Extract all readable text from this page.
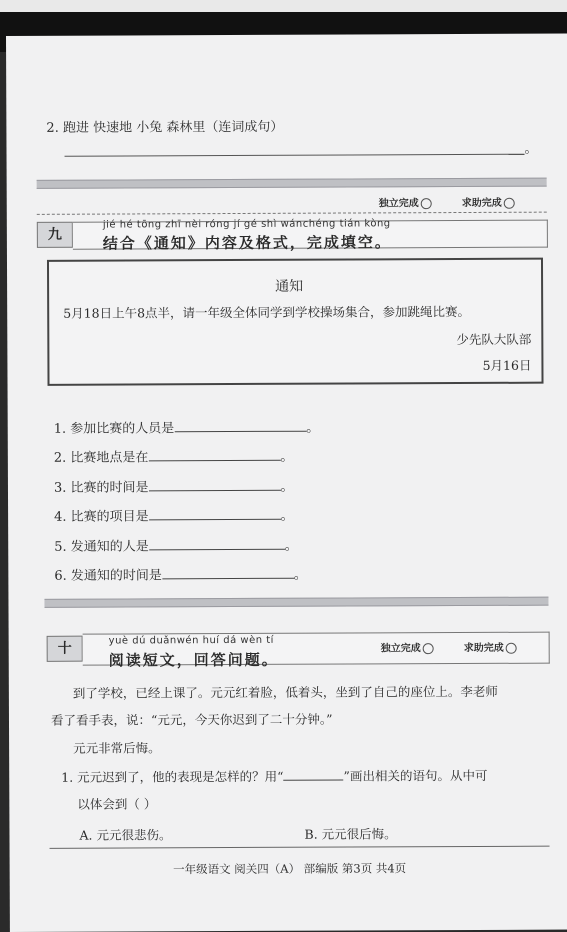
2. 跑进 快速地 小兔 森林里（连词成句）
。
独立完成	求助完成
九
jié hé tōng zhī nèi róng jí gé shì wánchéng tián kòng
结合《通知》内容及格式，完成填空。
通知
5月18日上午8点半，请一年级全体同学到学校操场集合，参加跳绳比赛。
少先队大队部
5月16日
1. 参加比赛的人员是	。
2. 比赛地点是在	。
3. 比赛的时间是	。
4. 比赛的项目是	。
5. 发通知的人是	。
6. 发通知的时间是	。
十
yuè dú duǎnwén huí dá wèn tí
阅读短文，回答问题。
独立完成	求助完成
到了学校，已经上课了。元元红着脸，低着头，坐到了自己的座位上。李老师
看了看手表，说：“元元，今天你迟到了二十分钟。”
元元非常后悔。
1. 元元迟到了，他的表现是怎样的？用“	”画出相关的语句。从中可
以体会到（ ）
A. 元元很悲伤。	B. 元元很后悔。
一年级语文 阅关四（A） 部编版 第3页 共4页
